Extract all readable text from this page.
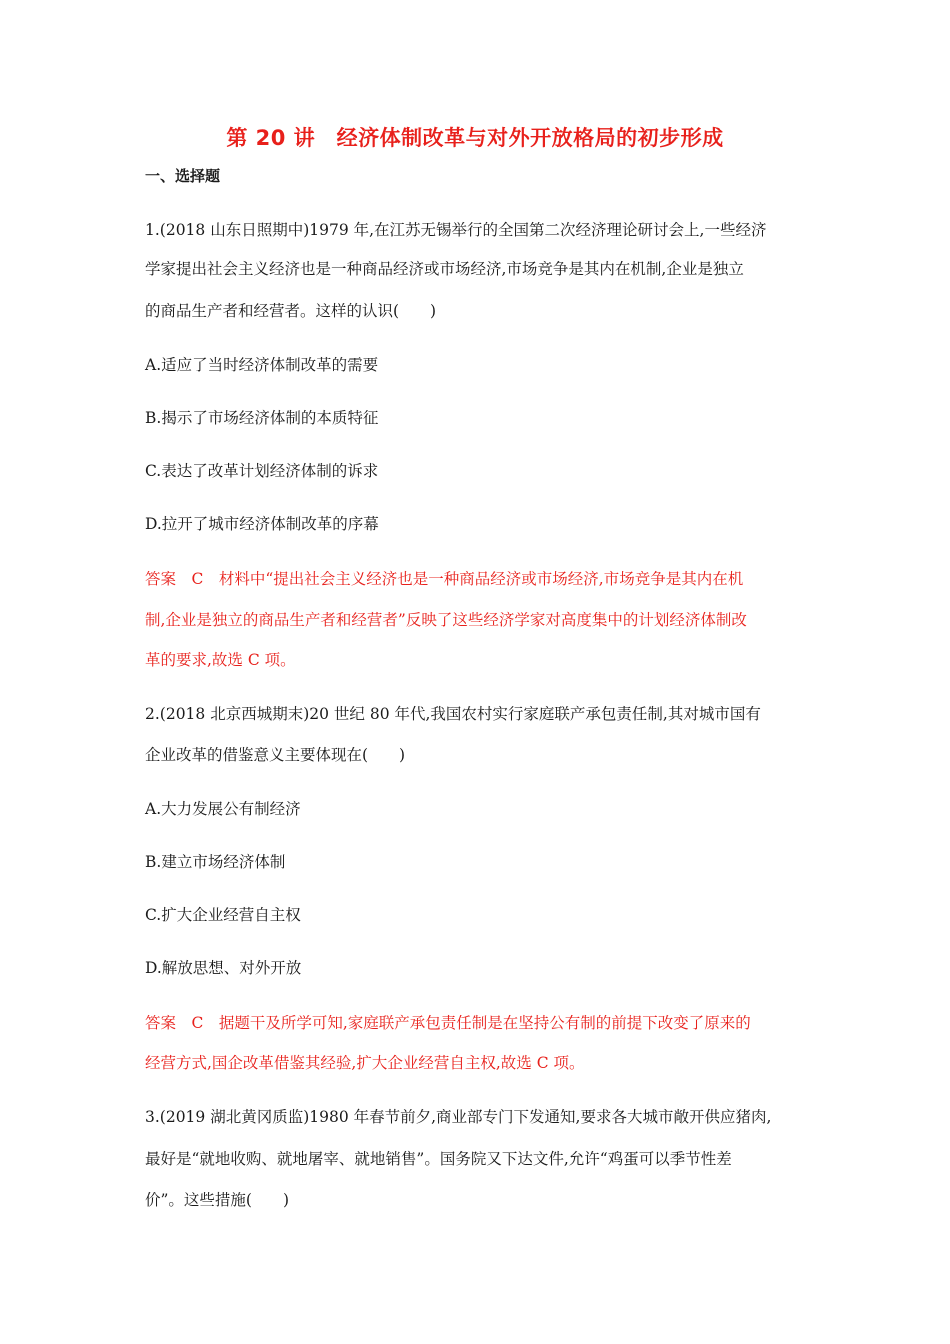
第 20 讲　经济体制改革与对外开放格局的初步形成
一、选择题
1.(2018 山东日照期中)1979 年,在江苏无锡举行的全国第二次经济理论研讨会上,一些经济
学家提出社会主义经济也是一种商品经济或市场经济,市场竞争是其内在机制,企业是独立
的商品生产者和经营者。这样的认识(　　)
A.适应了当时经济体制改革的需要
B.揭示了市场经济体制的本质特征
C.表达了改革计划经济体制的诉求
D.拉开了城市经济体制改革的序幕
答案　C　材料中“提出社会主义经济也是一种商品经济或市场经济,市场竞争是其内在机
制,企业是独立的商品生产者和经营者”反映了这些经济学家对高度集中的计划经济体制改
革的要求,故选 C 项。
2.(2018 北京西城期末)20 世纪 80 年代,我国农村实行家庭联产承包责任制,其对城市国有
企业改革的借鉴意义主要体现在(　　)
A.大力发展公有制经济
B.建立市场经济体制
C.扩大企业经营自主权
D.解放思想、对外开放
答案　C　据题干及所学可知,家庭联产承包责任制是在坚持公有制的前提下改变了原来的
经营方式,国企改革借鉴其经验,扩大企业经营自主权,故选 C 项。
3.(2019 湖北黄冈质监)1980 年春节前夕,商业部专门下发通知,要求各大城市敞开供应猪肉,
最好是“就地收购、就地屠宰、就地销售”。国务院又下达文件,允许“鸡蛋可以季节性差
价”。这些措施(　　)
